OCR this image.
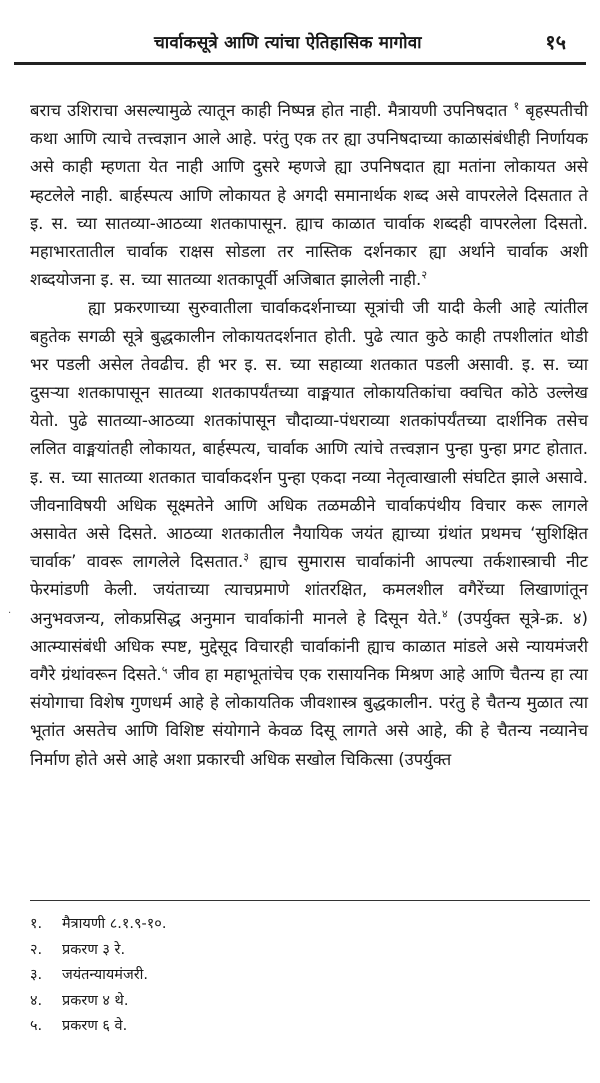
चार्वाकसूत्रे आणि त्यांचा ऐतिहासिक मागोवा	१५

बराच उशिराचा असल्यामुळे त्यातून काही निष्पन्न होत नाही. मैत्रायणी उपनिषदात $^१$ बृहस्पतीची कथा आणि त्याचे तत्त्वज्ञान आले आहे. परंतु एक तर ह्या उपनिषदाच्या काळासंबंधीही निर्णायक असे काही म्हणता येत नाही आणि दुसरे म्हणजे ह्या उपनिषदात ह्या मतांना लोकायत असे म्हटलेले नाही. बार्हस्पत्य आणि लोकायत हे अगदी समानार्थक शब्द असे वापरलेले दिसतात ते इ. स. च्या सातव्या-आठव्या शतकापासून. ह्याच काळात चार्वाक शब्दही वापरलेला दिसतो. महाभारतातील चार्वाक राक्षस सोडला तर नास्तिक दर्शनकार ह्या अर्थाने चार्वाक अशी शब्दयोजना इ. स. च्या सातव्या शतकापूर्वी अजिबात झालेली नाही.$^२$

ह्या प्रकरणाच्या सुरुवातीला चार्वाकदर्शनाच्या सूत्रांची जी यादी केली आहे त्यांतील बहुतेक सगळी सूत्रे बुद्धकालीन लोकायतदर्शनात होती. पुढे त्यात कुठे काही तपशीलांत थोडी भर पडली असेल तेवढीच. ही भर इ. स. च्या सहाव्या शतकात पडली असावी. इ. स. च्या दुसऱ्या शतकापासून सातव्या शतकापर्यंतच्या वाङ्मयात लोकायतिकांचा क्वचित कोठे उल्लेख येतो. पुढे सातव्या-आठव्या शतकांपासून चौदाव्या-पंधराव्या शतकांपर्यंतच्या दार्शनिक तसेच ललित वाङ्मयांतही लोकायत, बार्हस्पत्य, चार्वाक आणि त्यांचे तत्त्वज्ञान पुन्हा पुन्हा प्रगट होतात. इ. स. च्या सातव्या शतकात चार्वाकदर्शन पुन्हा एकदा नव्या नेतृत्वाखाली संघटित झाले असावे. जीवनाविषयी अधिक सूक्ष्मतेने आणि अधिक तळमळीने चार्वाकपंथीय विचार करू लागले असावेत असे दिसते. आठव्या शतकातील नैयायिक जयंत ह्याच्या ग्रंथांत प्रथमच ‘सुशिक्षित चार्वाक’ वावरू लागलेले दिसतात.$^३$ ह्याच सुमारास चार्वाकांनी आपल्या तर्कशास्त्राची नीट फेरमांडणी केली. जयंताच्या त्याचप्रमाणे शांतरक्षित, कमलशील वगैरेंच्या लिखाणांतून अनुभवजन्य, लोकप्रसिद्ध अनुमान चार्वाकांनी मानले हे दिसून येते.$^४$ (उपर्युक्त सूत्रे-क्र. ४) आत्म्यासंबंधी अधिक स्पष्ट, मुद्देसूद विचारही चार्वाकांनी ह्याच काळात मांडले असे न्यायमंजरी वगैरे ग्रंथांवरून दिसते.$^५$ जीव हा महाभूतांचेच एक रासायनिक मिश्रण आहे आणि चैतन्य हा त्या संयोगाचा विशेष गुणधर्म आहे हे लोकायतिक जीवशास्त्र बुद्धकालीन. परंतु हे चैतन्य मुळात त्या भूतांत असतेच आणि विशिष्ट संयोगाने केवळ दिसू लागते असे आहे, की हे चैतन्य नव्यानेच निर्माण होते असे आहे अशा प्रकारची अधिक सखोल चिकित्सा (उपर्युक्त

·
१. मैत्रायणी ८.१.९-१०.
२. प्रकरण ३ रे.
३. जयंतन्यायमंजरी.
४. प्रकरण ४ थे.
५. प्रकरण ६ वे.
